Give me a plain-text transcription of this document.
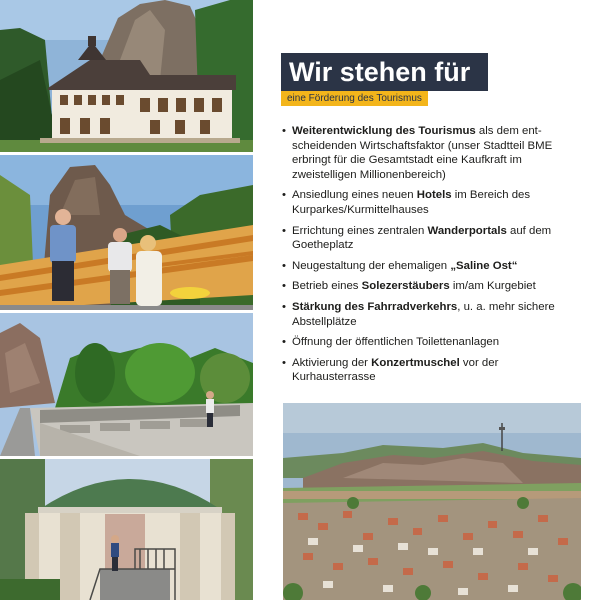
Wir stehen für
eine Förderung des Tourismus
• Weiterentwicklung des Tourismus als dem entscheidenden Wirtschaftsfaktor (unser Stadtteil BME erbringt für die Gesamtstadt eine Kaufkraft im zweistelligen Millionenbereich)
• Ansiedlung eines neuen Hotels im Bereich des Kurparkes/Kurmittelhauses
• Errichtung eines zentralen Wanderportals auf dem Goetheplatz
• Neugestaltung der ehemaligen „Saline Ost“
• Betrieb eines Solezerstäubers im/am Kurgebiet
• Stärkung des Fahrradverkehrs, u. a. mehr sichere Abstellplätze
• Öffnung der öffentlichen Toilettenanlagen
• Aktivierung der Konzertmuschel vor der Kurhausterrasse
